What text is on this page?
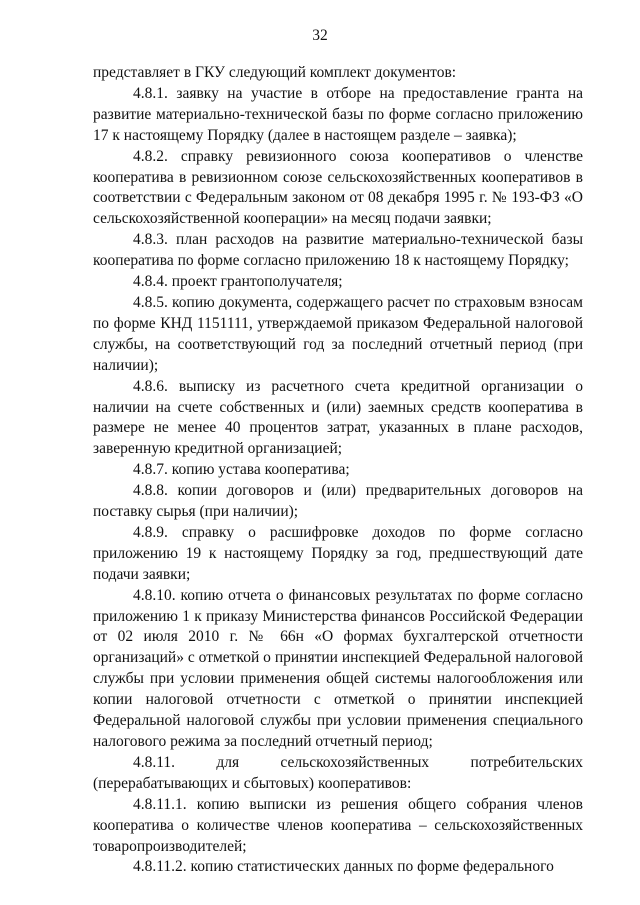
32

представляет в ГКУ следующий комплект документов:

4.8.1. заявку на участие в отборе на предоставление гранта на развитие материально-технической базы по форме согласно приложению 17 к настоящему Порядку (далее в настоящем разделе – заявка);

4.8.2. справку ревизионного союза кооперативов о членстве кооператива в ревизионном союзе сельскохозяйственных кооперативов в соответствии с Федеральным законом от 08 декабря 1995 г. № 193-ФЗ «О сельскохозяйственной кооперации» на месяц подачи заявки;

4.8.3. план расходов на развитие материально-технической базы кооператива по форме согласно приложению 18 к настоящему Порядку;

4.8.4. проект грантополучателя;

4.8.5. копию документа, содержащего расчет по страховым взносам по форме КНД 1151111, утверждаемой приказом Федеральной налоговой службы, на соответствующий год за последний отчетный период (при наличии);

4.8.6. выписку из расчетного счета кредитной организации о наличии на счете собственных и (или) заемных средств кооператива в размере не менее 40 процентов затрат, указанных в плане расходов, заверенную кредитной организацией;

4.8.7. копию устава кооператива;

4.8.8. копии договоров и (или) предварительных договоров на поставку сырья (при наличии);

4.8.9. справку о расшифровке доходов по форме согласно приложению 19 к настоящему Порядку за год, предшествующий дате подачи заявки;

4.8.10. копию отчета о финансовых результатах по форме согласно приложению 1 к приказу Министерства финансов Российской Федерации от 02 июля 2010 г. № 66н «О формах бухгалтерской отчетности организаций» с отметкой о принятии инспекцией Федеральной налоговой службы при условии применения общей системы налогообложения или копии налоговой отчетности с отметкой о принятии инспекцией Федеральной налоговой службы при условии применения специального налогового режима за последний отчетный период;

4.8.11. для сельскохозяйственных потребительских (перерабатывающих и сбытовых) кооперативов:

4.8.11.1. копию выписки из решения общего собрания членов кооператива о количестве членов кооператива – сельскохозяйственных товаропроизводителей;

4.8.11.2. копию статистических данных по форме федерального
